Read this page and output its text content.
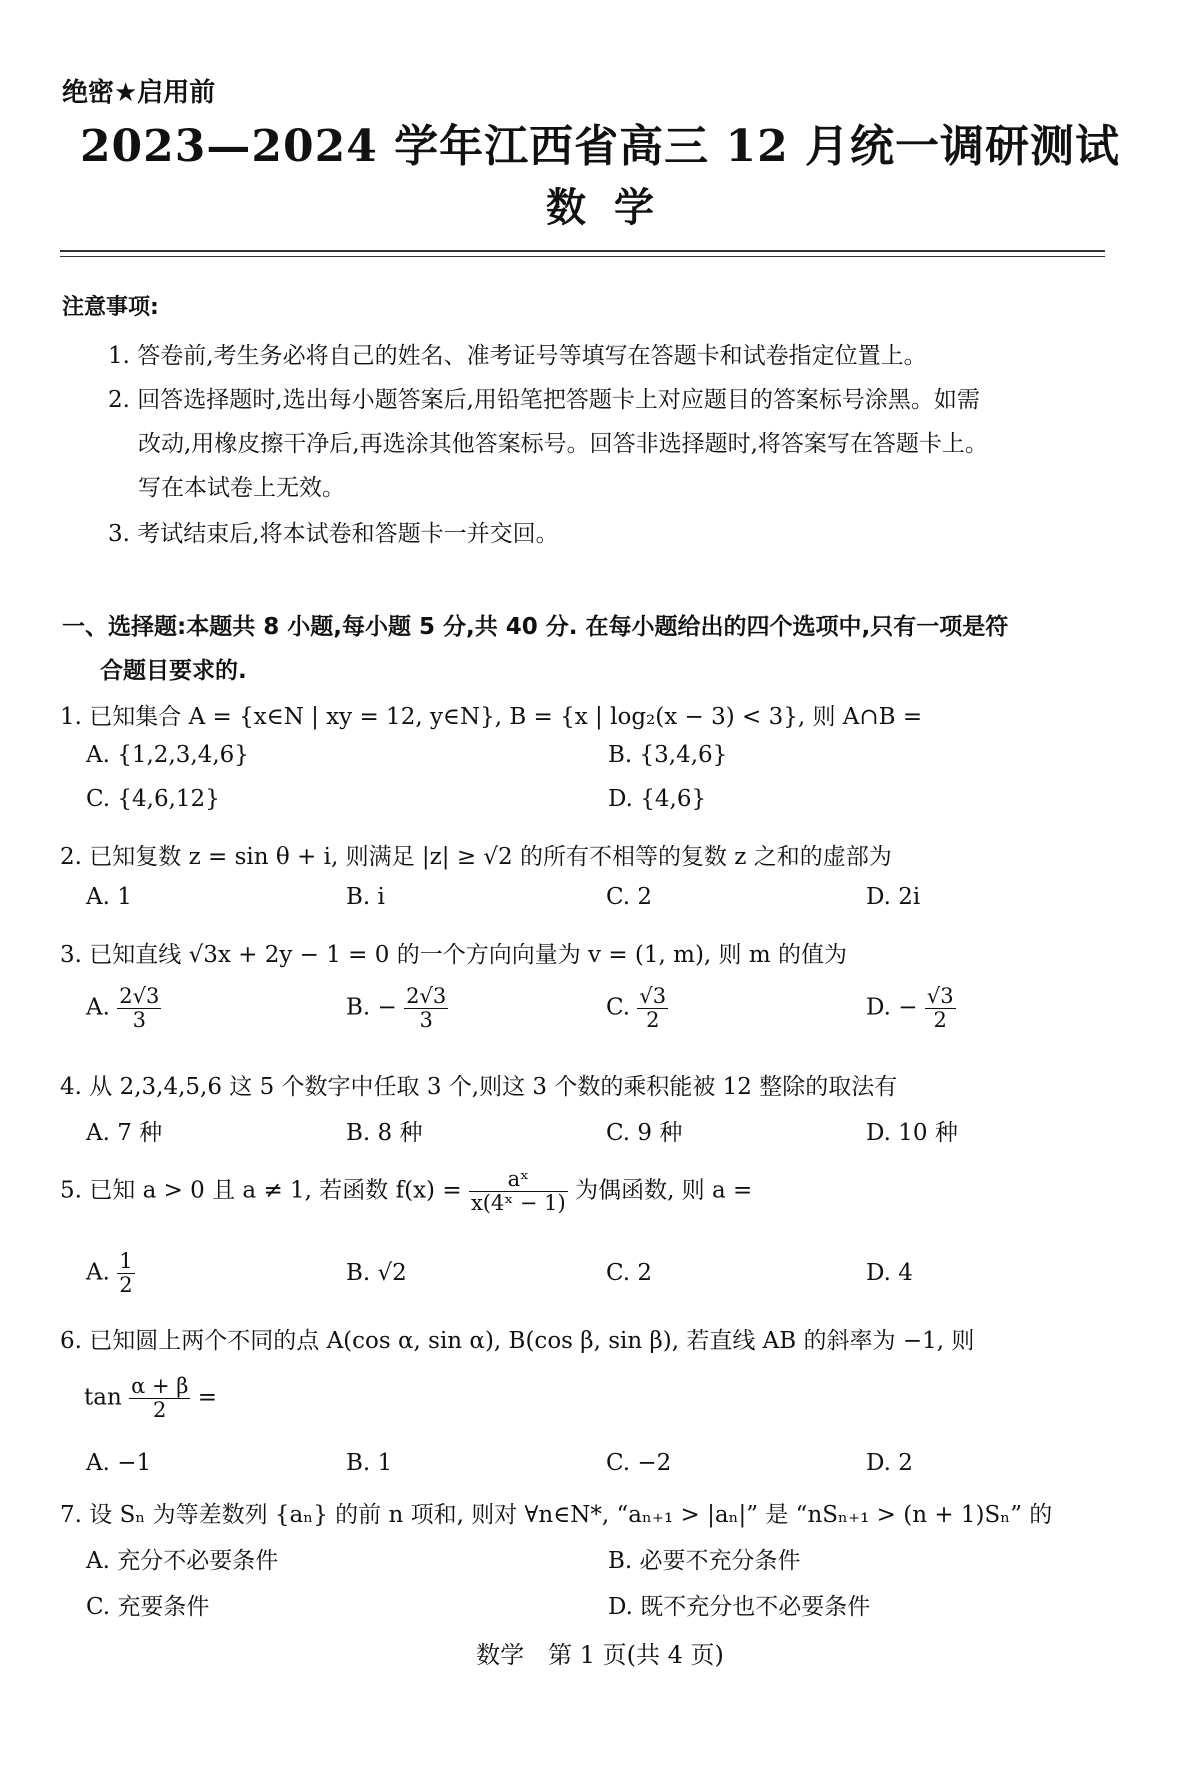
绝密★启用前
2023—2024 学年江西省高三 12 月统一调研测试
数学
注意事项:
1. 答卷前,考生务必将自己的姓名、准考证号等填写在答题卡和试卷指定位置上。
2. 回答选择题时,选出每小题答案后,用铅笔把答题卡上对应题目的答案标号涂黑。如需
改动,用橡皮擦干净后,再选涂其他答案标号。回答非选择题时,将答案写在答题卡上。
写在本试卷上无效。
3. 考试结束后,将本试卷和答题卡一并交回。
一、选择题:本题共 8 小题,每小题 5 分,共 40 分. 在每小题给出的四个选项中,只有一项是符
合题目要求的.
1. 已知集合 A = {x∈N | xy = 12, y∈N}, B = {x | log₂(x − 3) < 3}, 则 A∩B =
A. {1,2,3,4,6}	B. {3,4,6}
C. {4,6,12}	D. {4,6}
2. 已知复数 z = sin θ + i, 则满足 |z| ≥ √2 的所有不相等的复数 z 之和的虚部为
A. 1	B. i	C. 2	D. 2i
3. 已知直线 √3x + 2y − 1 = 0 的一个方向向量为 v = (1, m), 则 m 的值为
A. $\frac{2√3}{3}$	B. − $\frac{2√3}{3}$	C. $\frac{√3}{2}$	D. − $\frac{√3}{2}$
4. 从 2,3,4,5,6 这 5 个数字中任取 3 个,则这 3 个数的乘积能被 12 整除的取法有
A. 7 种	B. 8 种	C. 9 种	D. 10 种
5. 已知 a > 0 且 a ≠ 1, 若函数 $f(x) = \frac{\text{aˣ}}{\text{x(4ˣ − 1)}}$ 为偶函数, 则 a =
A. $\frac{1}{2}$	B. √2	C. 2	D. 4
6. 已知圆上两个不同的点 A(cos α, sin α), B(cos β, sin β), 若直线 AB 的斜率为 −1, 则
$\tan \frac{\alpha + \beta}{2}$ =
A. −1	B. 1	C. −2	D. 2
7. 设 Sₙ 为等差数列 {aₙ} 的前 n 项和, 则对 ∀n∈N*, “aₙ₊₁ > |aₙ|” 是 “nSₙ₊₁ > (n + 1)Sₙ” 的
A. 充分不必要条件	B. 必要不充分条件
C. 充要条件	D. 既不充分也不必要条件
数学　第 1 页(共 4 页)
